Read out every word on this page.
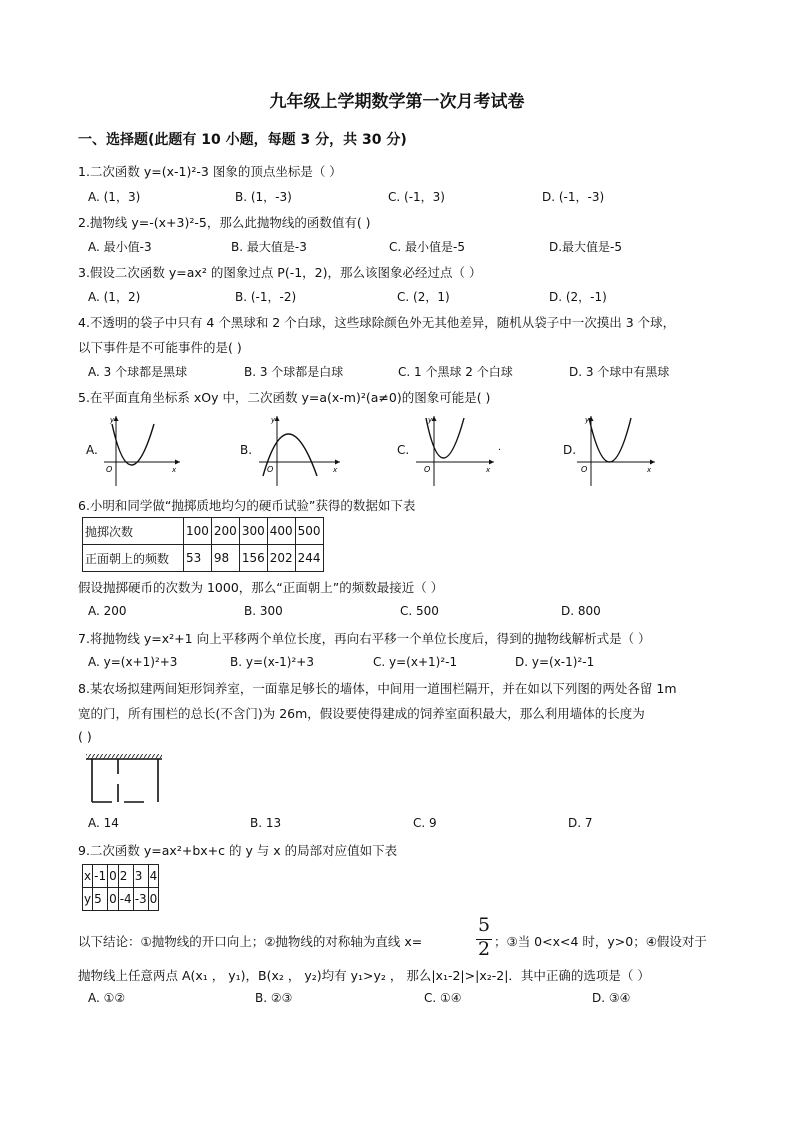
九年级上学期数学第一次月考试卷
一、选择题(此题有 10 小题，每题 3 分，共 30 分)
1.二次函数 y=(x-1)²-3 图象的顶点坐标是（ ）
A. (1，3)	B. (1，-3)	C. (-1，3)	D. (-1，-3)
2.抛物线 y=-(x+3)²-5，那么此抛物线的函数值有( )
A. 最小值-3	B. 最大值是-3	C. 最小值是-5	D.最大值是-5
3.假设二次函数 y=ax² 的图象过点 P(-1，2)，那么该图象必经过点（ ）
A. (1，2)	B. (-1，-2)	C. (2，1)	D. (2，-1)
4.不透明的袋子中只有 4 个黑球和 2 个白球，这些球除颜色外无其他差异，随机从袋子中一次摸出 3 个球，
以下事件是不可能事件的是( )
A. 3 个球都是黑球	B. 3 个球都是白球	C. 1 个黑球 2 个白球	D. 3 个球中有黑球
5.在平面直角坐标系 xOy 中，二次函数 y=a(x-m)²(a≠0)的图象可能是( )
A.	B.	C.	D.
y
x
O
y
x
O
y
x
O
·
y
x
O
6.小明和同学做“抛掷质地均匀的硬币试验”获得的数据如下表
抛掷次数	100	200	300	400	500
正面朝上的频数	53	98	156	202	244
假设抛掷硬币的次数为 1000，那么“正面朝上”的频数最接近（ ）
A. 200	B. 300	C. 500	D. 800
7.将抛物线 y=x²+1 向上平移两个单位长度，再向右平移一个单位长度后，得到的抛物线解析式是（ ）
A. y=(x+1)²+3	B. y=(x-1)²+3	C. y=(x+1)²-1	D. y=(x-1)²-1
8.某农场拟建两间矩形饲养室，一面靠足够长的墙体，中间用一道围栏隔开，并在如以下列图的两处各留 1m
宽的门，所有围栏的总长(不含门)为 26m，假设要使得建成的饲养室面积最大，那么利用墙体的长度为
( )
A. 14	B. 13	C. 9	D. 7
9.二次函数 y=ax²+bx+c 的 y 与 x 的局部对应值如下表
x	-1	0	2	3	4
y	5	0	-4	-3	0
以下结论：①抛物线的开口向上；②抛物线的对称轴为直线 x=
5
2 ；③当 0<x<4 时，y>0；④假设对于
抛物线上任意两点 A(x₁ ， y₁)，B(x₂ ， y₂)均有 y₁>y₂ ， 那么|x₁-2|>|x₂-2|．其中正确的选项是（ ）
A. ①②	B. ②③	C. ①④	D. ③④
